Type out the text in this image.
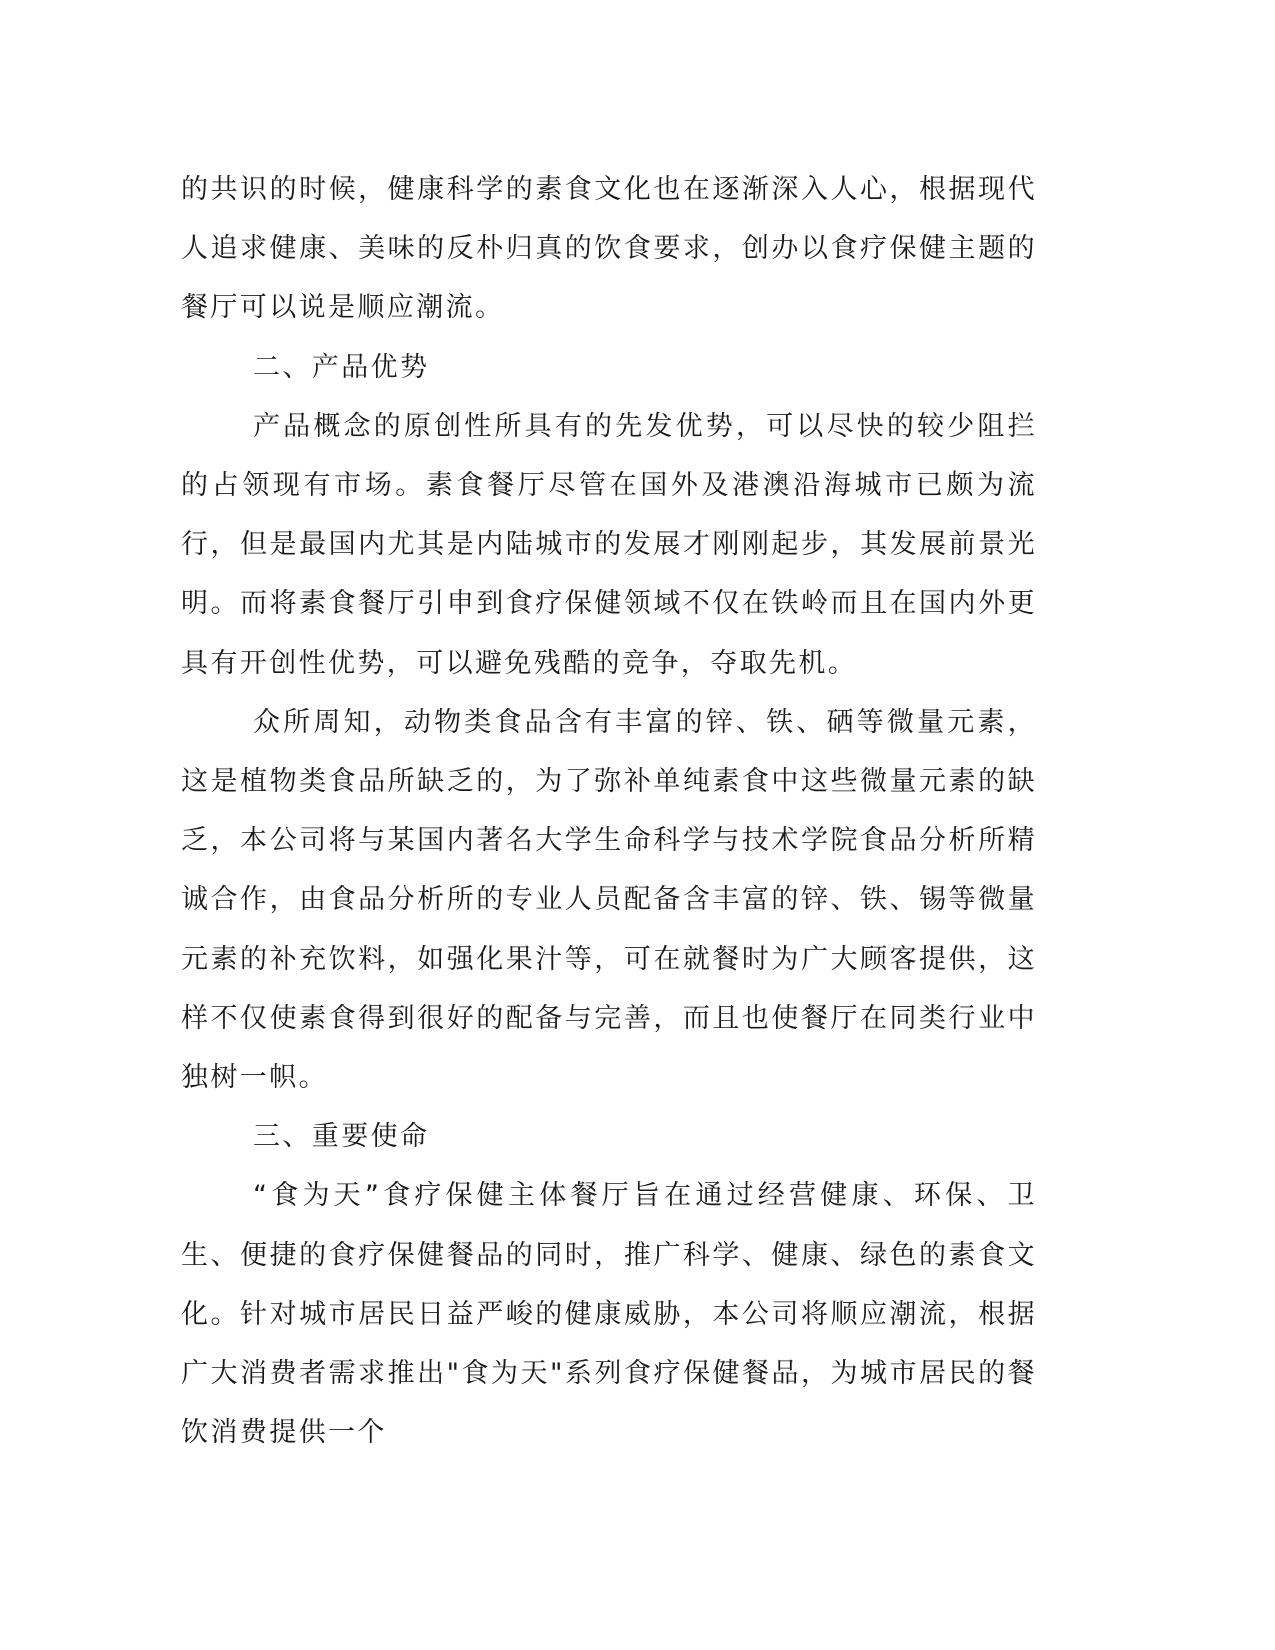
的共识的时候，健康科学的素食文化也在逐渐深入人心，根据现代人追求健康、美味的反朴归真的饮食要求，创办以食疗保健主题的餐厅可以说是顺应潮流。

二、产品优势

产品概念的原创性所具有的先发优势，可以尽快的较少阻拦的占领现有市场。素食餐厅尽管在国外及港澳沿海城市已颇为流行，但是最国内尤其是内陆城市的发展才刚刚起步，其发展前景光明。而将素食餐厅引申到食疗保健领域不仅在铁岭而且在国内外更具有开创性优势，可以避免残酷的竞争，夺取先机。

众所周知，动物类食品含有丰富的锌、铁、硒等微量元素，这是植物类食品所缺乏的，为了弥补单纯素食中这些微量元素的缺乏，本公司将与某国内著名大学生命科学与技术学院食品分析所精诚合作，由食品分析所的专业人员配备含丰富的锌、铁、锡等微量元素的补充饮料，如强化果汁等，可在就餐时为广大顾客提供，这样不仅使素食得到很好的配备与完善，而且也使餐厅在同类行业中独树一帜。

三、重要使命

“食为天”食疗保健主体餐厅旨在通过经营健康、环保、卫生、便捷的食疗保健餐品的同时，推广科学、健康、绿色的素食文化。针对城市居民日益严峻的健康威胁，本公司将顺应潮流，根据广大消费者需求推出"食为天"系列食疗保健餐品，为城市居民的餐饮消费提供一个
